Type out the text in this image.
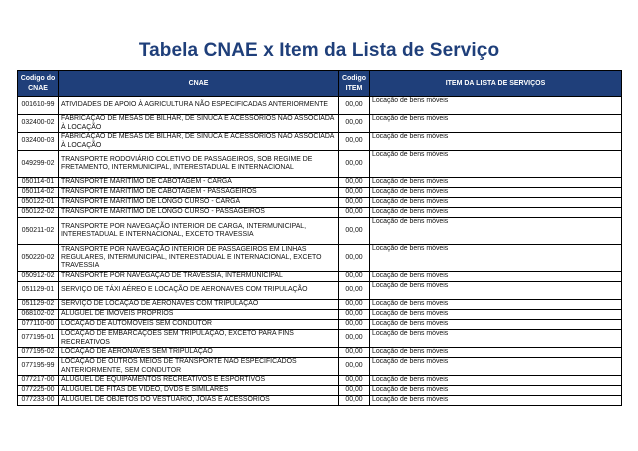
Tabela CNAE x Item da Lista de Serviço
Codigo do CNAE	CNAE	Codigo ITEM	ITEM DA LISTA DE SERVIÇOS
001610-99	ATIVIDADES DE APOIO À AGRICULTURA NÃO ESPECIFICADAS ANTERIORMENTE	00,00	Locação de bens móveis
032400-02	FABRICAÇÃO DE MESAS DE BILHAR, DE SINUCA E ACESSÓRIOS NÃO ASSOCIADA À LOCAÇÃO	00,00	Locação de bens móveis
032400-03	FABRICAÇÃO DE MESAS DE BILHAR, DE SINUCA E ACESSÓRIOS NÃO ASSOCIADA À LOCAÇÃO	00,00	Locação de bens móveis
049299-02	TRANSPORTE RODOVIÁRIO COLETIVO DE PASSAGEIROS, SOB REGIME DE FRETAMENTO, INTERMUNICIPAL, INTERESTADUAL E INTERNACIONAL	00,00	Locação de bens móveis
050114-01	TRANSPORTE MARÍTIMO DE CABOTAGEM - CARGA	00,00	Locação de bens móveis
050114-02	TRANSPORTE MARÍTIMO DE CABOTAGEM - PASSAGEIROS	00,00	Locação de bens móveis
050122-01	TRANSPORTE MARÍTIMO DE LONGO CURSO - CARGA	00,00	Locação de bens móveis
050122-02	TRANSPORTE MARÍTIMO DE LONGO CURSO - PASSAGEIROS	00,00	Locação de bens móveis
050211-02	TRANSPORTE POR NAVEGAÇÃO INTERIOR DE CARGA, INTERMUNICIPAL, INTERESTADUAL E INTERNACIONAL, EXCETO TRAVESSIA	00,00	Locação de bens móveis
050220-02	TRANSPORTE POR NAVEGAÇÃO INTERIOR DE PASSAGEIROS EM LINHAS REGULARES, INTERMUNICIPAL, INTERESTADUAL E INTERNACIONAL, EXCETO TRAVESSIA	00,00	Locação de bens móveis
050912-02	TRANSPORTE POR NAVEGAÇÃO DE TRAVESSIA, INTERMUNICIPAL	00,00	Locação de bens móveis
051129-01	SERVIÇO DE TÁXI AÉREO E LOCAÇÃO DE AERONAVES COM TRIPULAÇÃO	00,00	Locação de bens móveis
051129-02	SERVIÇO DE LOCAÇÃO DE AERONAVES COM TRIPULAÇÃO	00,00	Locação de bens móveis
068102-02	ALUGUEL DE IMÓVEIS PRÓPRIOS	00,00	Locação de bens móveis
077110-00	LOCAÇÃO DE AUTOMÓVEIS SEM CONDUTOR	00,00	Locação de bens móveis
077195-01	LOCAÇÃO DE EMBARCAÇÕES SEM TRIPULAÇÃO, EXCETO PARA FINS RECREATIVOS	00,00	Locação de bens móveis
077195-02	LOCAÇÃO DE AERONAVES SEM TRIPULAÇÃO	00,00	Locação de bens móveis
077195-99	LOCAÇÃO DE OUTROS MEIOS DE TRANSPORTE NÃO ESPECIFICADOS ANTERIORMENTE, SEM CONDUTOR	00,00	Locação de bens móveis
077217-00	ALUGUEL DE EQUIPAMENTOS RECREATIVOS E ESPORTIVOS	00,00	Locação de bens móveis
077225-00	ALUGUEL DE FITAS DE VÍDEO, DVDS E SIMILARES	00,00	Locação de bens móveis
077233-00	ALUGUEL DE OBJETOS DO VESTUÁRIO, JÓIAS E ACESSÓRIOS	00,00	Locação de bens móveis
